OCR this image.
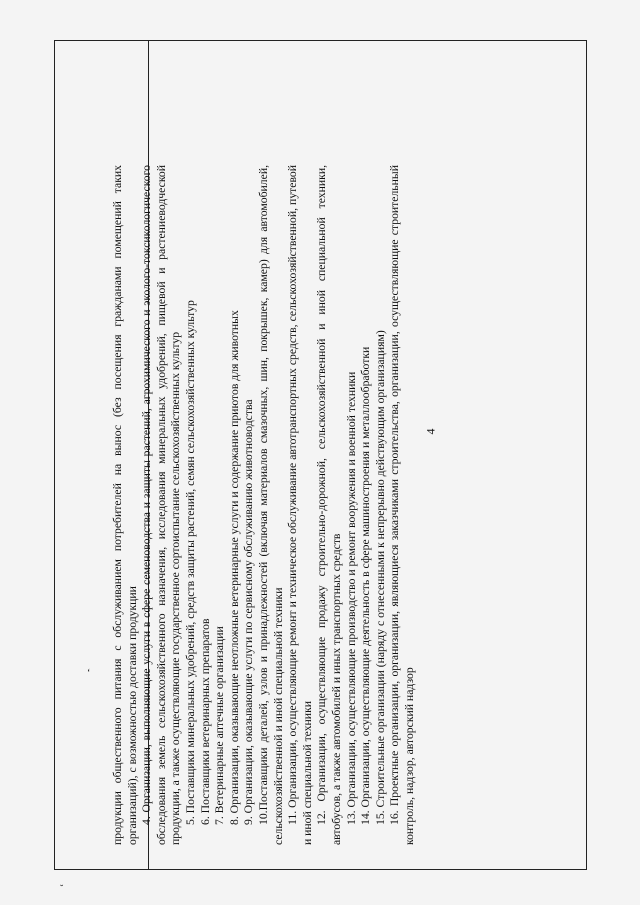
4

продукции общественного питания с обслуживанием потребителей на вынос (без посещения гражданами помещений таких организаций), с возможностью доставки продукции 4. Организации, выполняющие услуги в сфере семеноводства и защиты растений, агрохимического и эколого-токсикологического обследования земель сельскохозяйственного назначения, исследования минеральных удобрений, пищевой и растениеводческой продукции, а также осуществляющие государственное сортоиспытание сельскохозяйственных культур 5. Поставщики минеральных удобрений, средств защиты растений, семян сельскохозяйственных культур 6. Поставщики ветеринарных препаратов 7. Ветеринарные аптечные организации 8. Организации, оказывающие неотложные ветеринарные услуги и содержание приютов для животных 9. Организации, оказывающие услуги по сервисному обслуживанию животноводства 10.Поставщики деталей, узлов и принадлежностей (включая материалов смазочных, шин, покрышек, камер) для автомобилей, сельскохозяйственной и иной специальной техники 11. Организации, осуществляющие ремонт и техническое обслуживание автотранспортных средств, сельскохозяйственной, путевой и иной специальной техники 12. Организации, осуществляющие продажу строительно-дорожной, сельскохозяйственной и иной специальной техники, автобусов, а также автомобилей и иных транспортных средств 13. Организации, осуществляющие производство и ремонт вооружения и военной техники 14. Организации, осуществляющие деятельность в сфере машиностроения и металлообработки 15. Строительные организации (наряду с отнесенными к непрерывно действующим организациям) 16. Проектные организации, организации, являющиеся заказчиками строительства, организации, осуществляющие строительный контроль, надзор, авторский надзор

‘
˘
